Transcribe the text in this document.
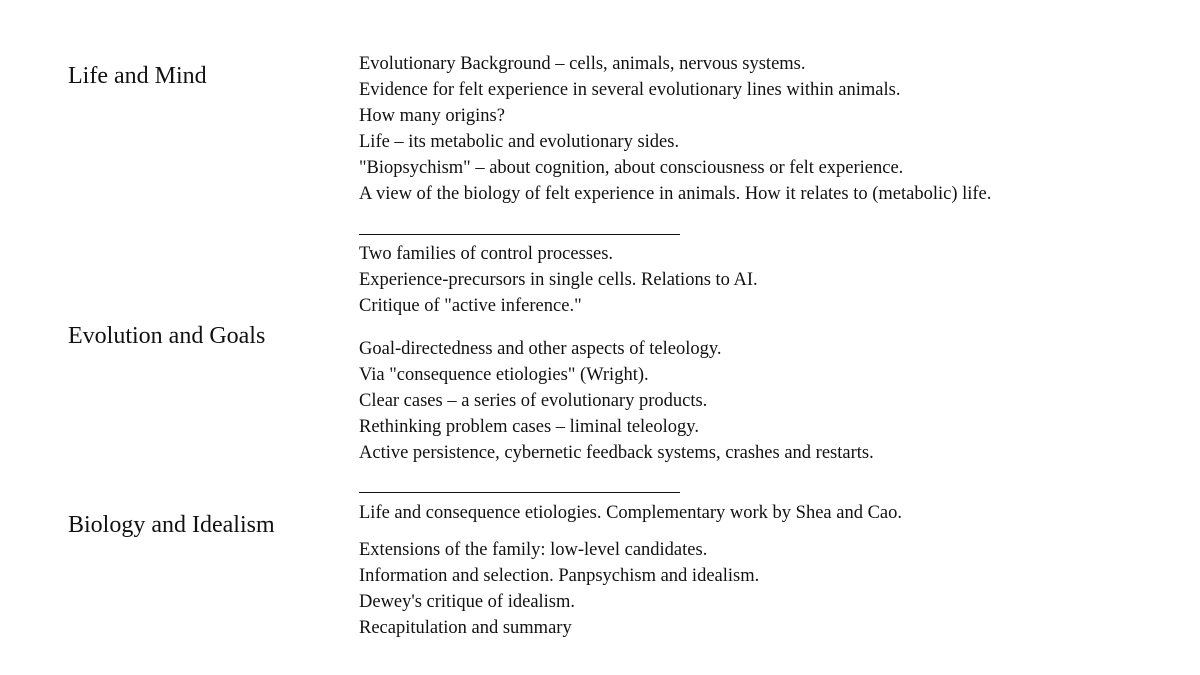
Life and Mind
Evolution and Goals
Biology and Idealism
Evolutionary Background – cells, animals, nervous systems.
Evidence for felt experience in several evolutionary lines within animals.
How many origins?
Life – its metabolic and evolutionary sides.
"Biopsychism" – about cognition, about consciousness or felt experience.
A view of the biology of felt experience in animals. How it relates to (metabolic) life.
Two families of control processes.
Experience-precursors in single cells. Relations to AI.
Critique of "active inference."
Goal-directedness and other aspects of teleology.
Via "consequence etiologies" (Wright).
Clear cases – a series of evolutionary products.
Rethinking problem cases – liminal teleology.
Active persistence, cybernetic feedback systems, crashes and restarts.
Life and consequence etiologies. Complementary work by Shea and Cao.
Extensions of the family: low-level candidates.
Information and selection. Panpsychism and idealism.
Dewey's critique of idealism.
Recapitulation and summary
